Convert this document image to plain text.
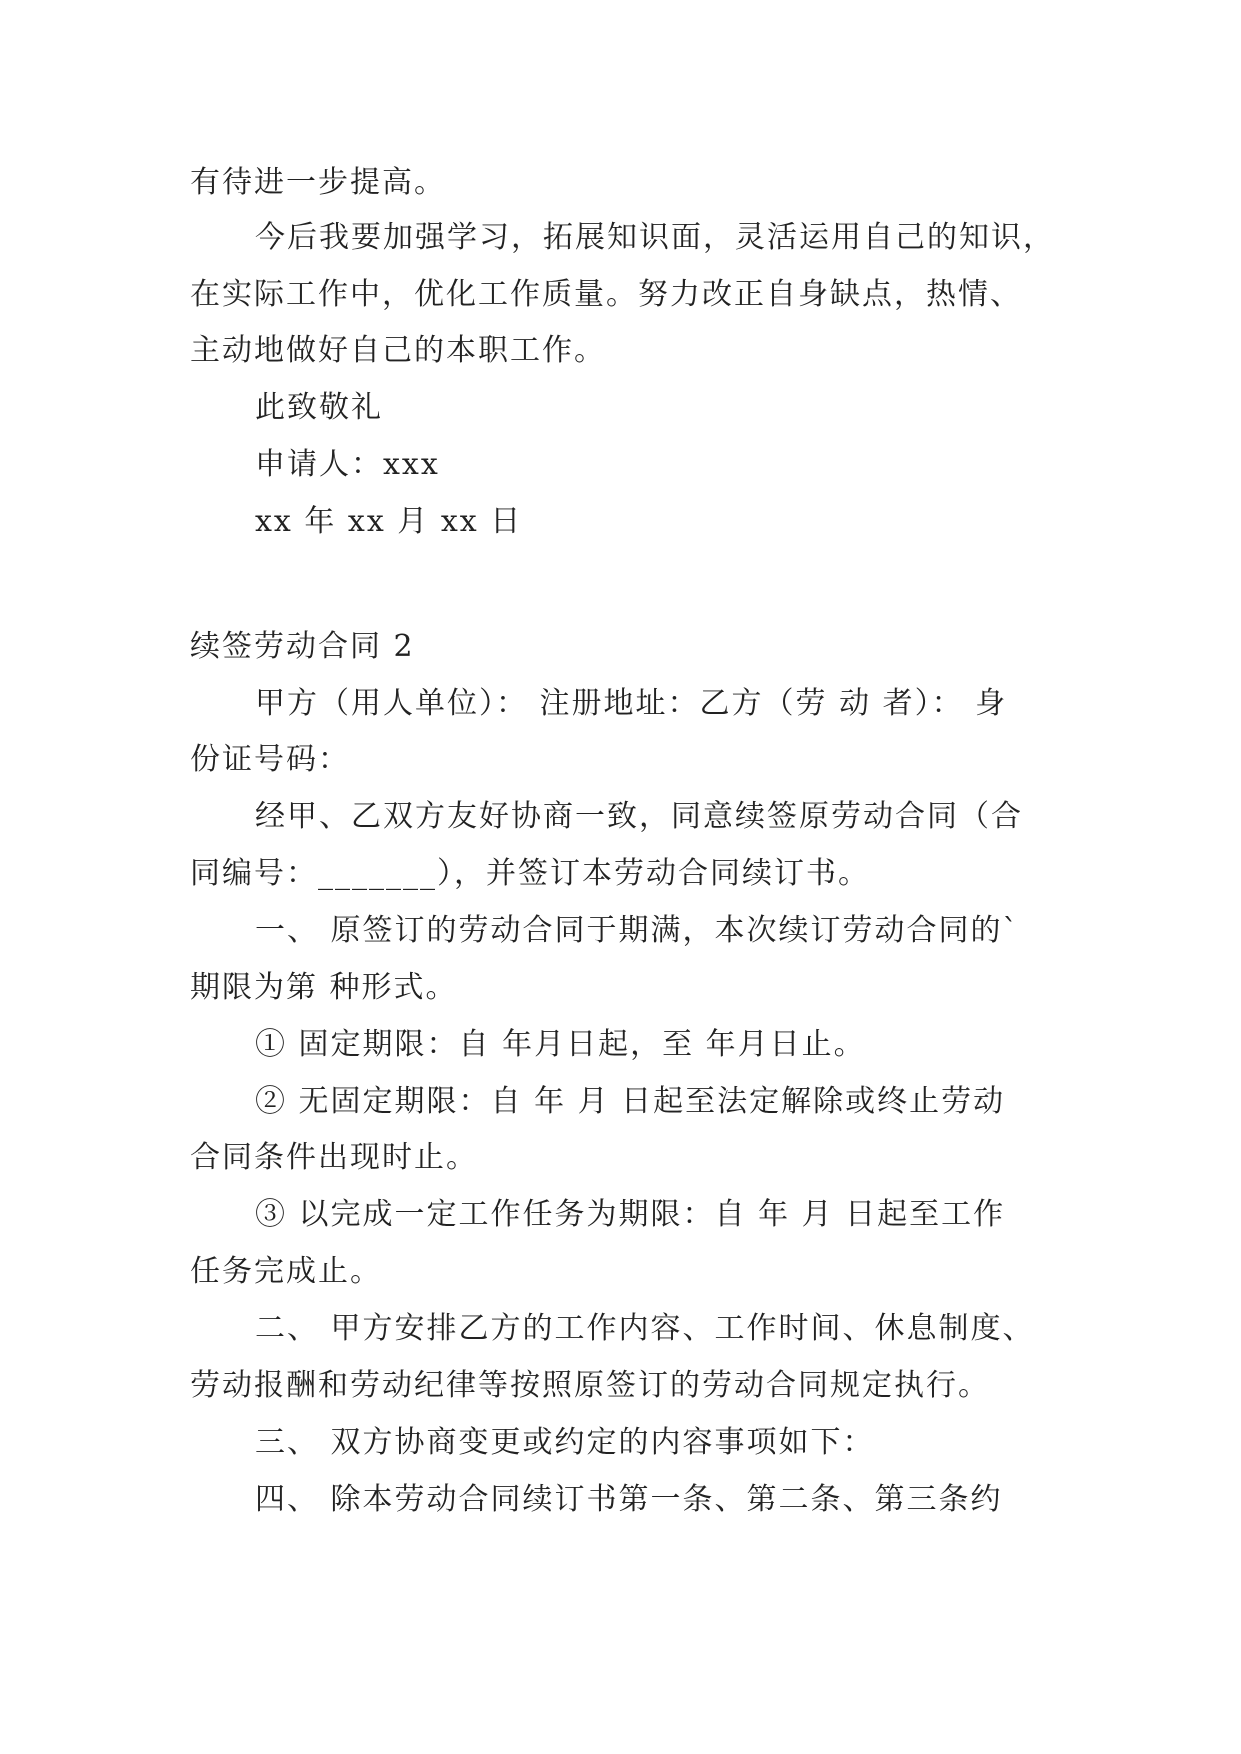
有待进一步提高。
今后我要加强学习，拓展知识面，灵活运用自己的知识，
在实际工作中，优化工作质量。努力改正自身缺点，热情、
主动地做好自己的本职工作。
此致敬礼
申请人：xxx
xx 年 xx 月 xx 日
续签劳动合同 2
甲方（用人单位）： 注册地址：乙方（劳 动 者）： 身
份证号码：
经甲、乙双方友好协商一致，同意续签原劳动合同（合
同编号：_______），并签订本劳动合同续订书。
一、 原签订的劳动合同于期满，本次续订劳动合同的`
期限为第 种形式。
① 固定期限：自 年月日起，至 年月日止。
② 无固定期限：自 年 月 日起至法定解除或终止劳动
合同条件出现时止。
③ 以完成一定工作任务为期限：自 年 月 日起至工作
任务完成止。
二、 甲方安排乙方的工作内容、工作时间、休息制度、
劳动报酬和劳动纪律等按照原签订的劳动合同规定执行。
三、 双方协商变更或约定的内容事项如下：
四、 除本劳动合同续订书第一条、第二条、第三条约
